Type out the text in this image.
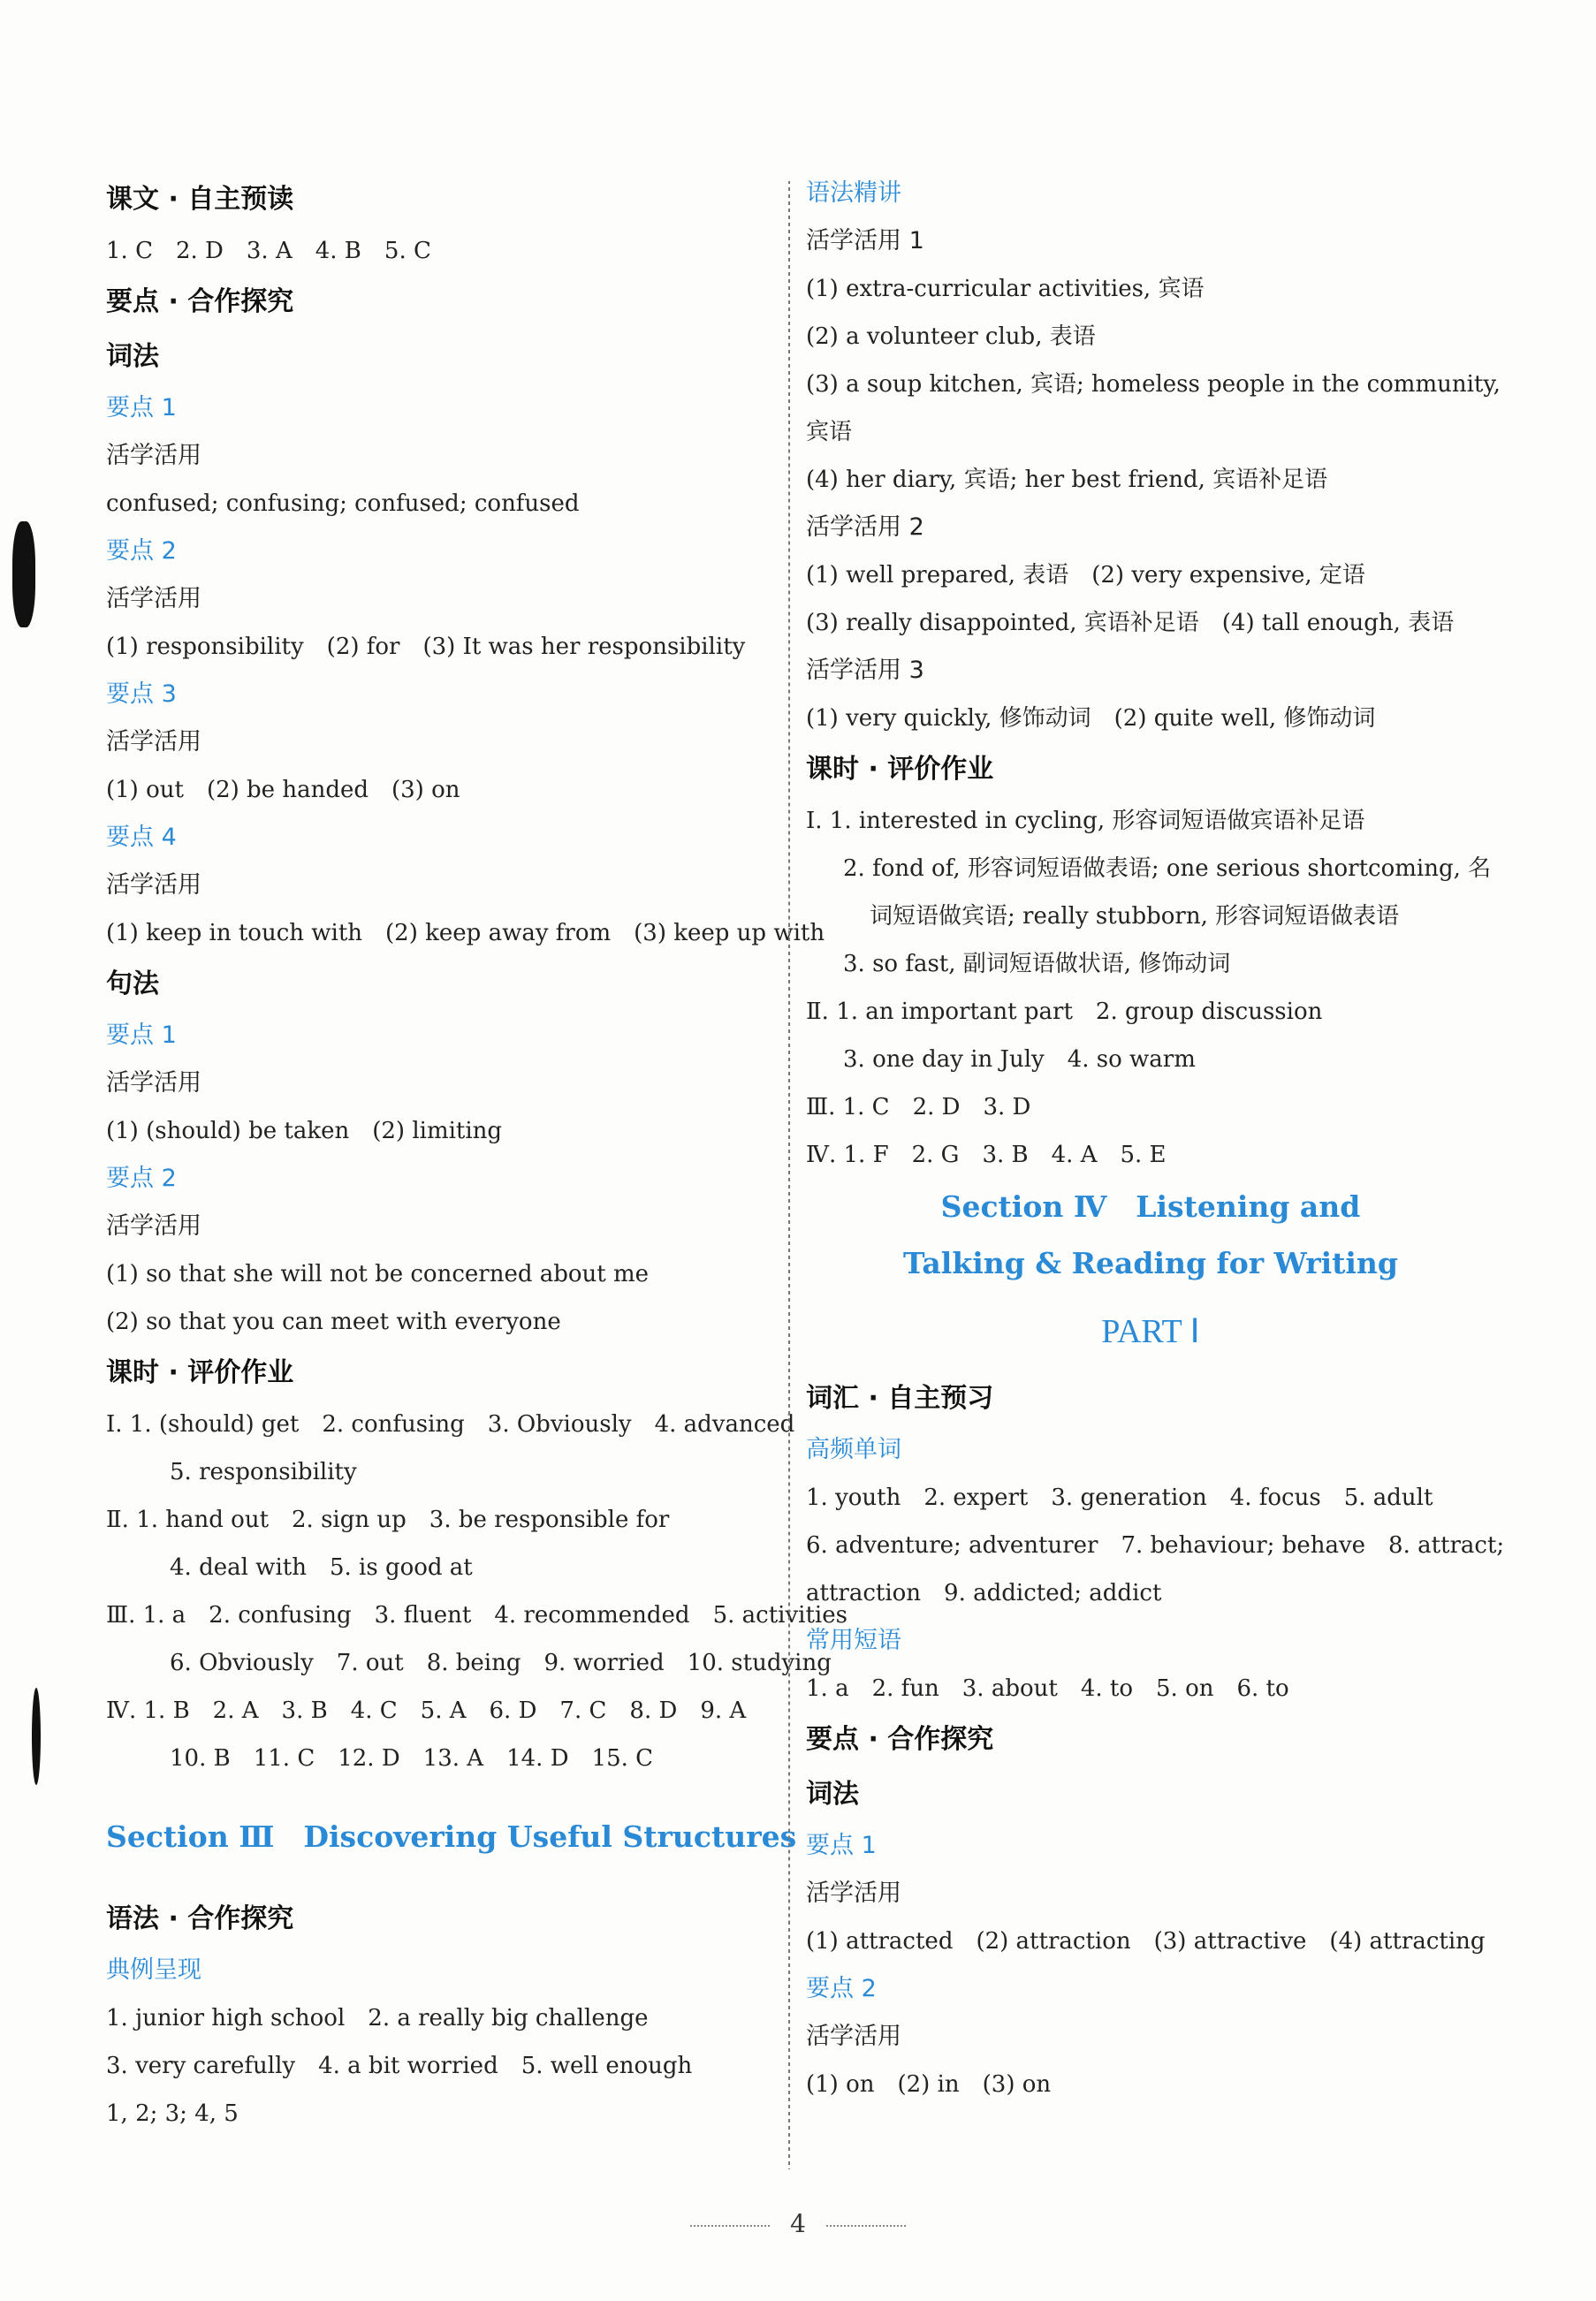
课文 · 自主预读
1. C　2. D　3. A　4. B　5. C
要点 · 合作探究
词法
要点 1
活学活用
confused; confusing; confused; confused
要点 2
活学活用
(1) responsibility　(2) for　(3) It was her responsibility
要点 3
活学活用
(1) out　(2) be handed　(3) on
要点 4
活学活用
(1) keep in touch with　(2) keep away from　(3) keep up with
句法
要点 1
活学活用
(1) (should) be taken　(2) limiting
要点 2
活学活用
(1) so that she will not be concerned about me
(2) so that you can meet with everyone
课时 · 评价作业
Ⅰ. 1. (should) get　2. confusing　3. Obviously　4. advanced
5. responsibility
Ⅱ. 1. hand out　2. sign up　3. be responsible for
4. deal with　5. is good at
Ⅲ. 1. a　2. confusing　3. fluent　4. recommended　5. activities
6. Obviously　7. out　8. being　9. worried　10. studying
Ⅳ. 1. B　2. A　3. B　4. C　5. A　6. D　7. C　8. D　9. A
10. B　11. C　12. D　13. A　14. D　15. C
Section Ⅲ　Discovering Useful Structures
语法 · 合作探究
典例呈现
1. junior high school　2. a really big challenge
3. very carefully　4. a bit worried　5. well enough
1, 2; 3; 4, 5
语法精讲
活学活用 1
(1) extra-curricular activities, 宾语
(2) a volunteer club, 表语
(3) a soup kitchen, 宾语; homeless people in the community,
宾语
(4) her diary, 宾语; her best friend, 宾语补足语
活学活用 2
(1) well prepared, 表语　(2) very expensive, 定语
(3) really disappointed, 宾语补足语　(4) tall enough, 表语
活学活用 3
(1) very quickly, 修饰动词　(2) quite well, 修饰动词
课时 · 评价作业
Ⅰ. 1. interested in cycling, 形容词短语做宾语补足语
2. fond of, 形容词短语做表语; one serious shortcoming, 名
词短语做宾语; really stubborn, 形容词短语做表语
3. so fast, 副词短语做状语, 修饰动词
Ⅱ. 1. an important part　2. group discussion
3. one day in July　4. so warm
Ⅲ. 1. C　2. D　3. D
Ⅳ. 1. F　2. G　3. B　4. A　5. E
Section Ⅳ　Listening and
Talking & Reading for Writing
PART Ⅰ
词汇 · 自主预习
高频单词
1. youth　2. expert　3. generation　4. focus　5. adult
6. adventure; adventurer　7. behaviour; behave　8. attract;
attraction　9. addicted; addict
常用短语
1. a　2. fun　3. about　4. to　5. on　6. to
要点 · 合作探究
词法
要点 1
活学活用
(1) attracted　(2) attraction　(3) attractive　(4) attracting
要点 2
活学活用
(1) on　(2) in　(3) on
4
